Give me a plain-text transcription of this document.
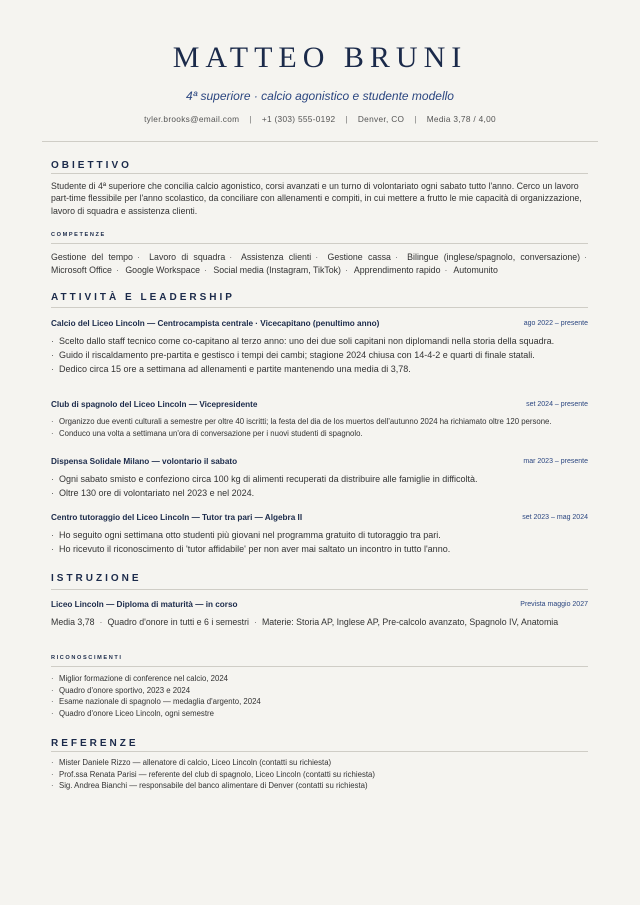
MATTEO BRUNI
4ª superiore · calcio agonistico e studente modello
tyler.brooks@email.com | +1 (303) 555-0192 | Denver, CO | Media 3,78 / 4,00
OBIETTIVO
Studente di 4ª superiore che concilia calcio agonistico, corsi avanzati e un turno di volontariato ogni sabato tutto l'anno. Cerco un lavoro part-time flessibile per l'anno scolastico, da conciliare con allenamenti e compiti, in cui mettere a frutto le mie capacità di organizzazione, lavoro di squadra e assistenza clienti.
COMPETENZE
Gestione del tempo · Lavoro di squadra · Assistenza clienti · Gestione cassa · Bilingue (inglese/spagnolo, conversazione) · Microsoft Office · Google Workspace · Social media (Instagram, TikTok) · Apprendimento rapido · Automunito
ATTIVITÀ E LEADERSHIP
Calcio del Liceo Lincoln — Centrocampista centrale · Vicecapitano (penultimo anno)	ago 2022 – presente
· Scelto dallo staff tecnico come co-capitano al terzo anno: uno dei due soli capitani non diplomandi nella storia della squadra.
· Guido il riscaldamento pre-partita e gestisco i tempi dei cambi; stagione 2024 chiusa con 14-4-2 e quarti di finale statali.
· Dedico circa 15 ore a settimana ad allenamenti e partite mantenendo una media di 3,78.
Club di spagnolo del Liceo Lincoln — Vicepresidente	set 2024 – presente
· Organizzo due eventi culturali a semestre per oltre 40 iscritti; la festa del dia de los muertos dell'autunno 2024 ha richiamato oltre 120 persone.
· Conduco una volta a settimana un'ora di conversazione per i nuovi studenti di spagnolo.
Dispensa Solidale Milano — volontario il sabato	mar 2023 – presente
· Ogni sabato smisto e confeziono circa 100 kg di alimenti recuperati da distribuire alle famiglie in difficoltà.
· Oltre 130 ore di volontariato nel 2023 e nel 2024.
Centro tutoraggio del Liceo Lincoln — Tutor tra pari — Algebra II	set 2023 – mag 2024
· Ho seguito ogni settimana otto studenti più giovani nel programma gratuito di tutoraggio tra pari.
· Ho ricevuto il riconoscimento di 'tutor affidabile' per non aver mai saltato un incontro in tutto l'anno.
ISTRUZIONE
Liceo Lincoln — Diploma di maturità — in corso	Prevista maggio 2027
Media 3,78 · Quadro d'onore in tutti e 6 i semestri · Materie: Storia AP, Inglese AP, Pre-calcolo avanzato, Spagnolo IV, Anatomia
RICONOSCIMENTI
· Miglior formazione di conference nel calcio, 2024
· Quadro d'onore sportivo, 2023 e 2024
· Esame nazionale di spagnolo — medaglia d'argento, 2024
· Quadro d'onore Liceo Lincoln, ogni semestre
REFERENZE
· Mister Daniele Rizzo — allenatore di calcio, Liceo Lincoln (contatti su richiesta)
· Prof.ssa Renata Parisi — referente del club di spagnolo, Liceo Lincoln (contatti su richiesta)
· Sig. Andrea Bianchi — responsabile del banco alimentare di Denver (contatti su richiesta)
